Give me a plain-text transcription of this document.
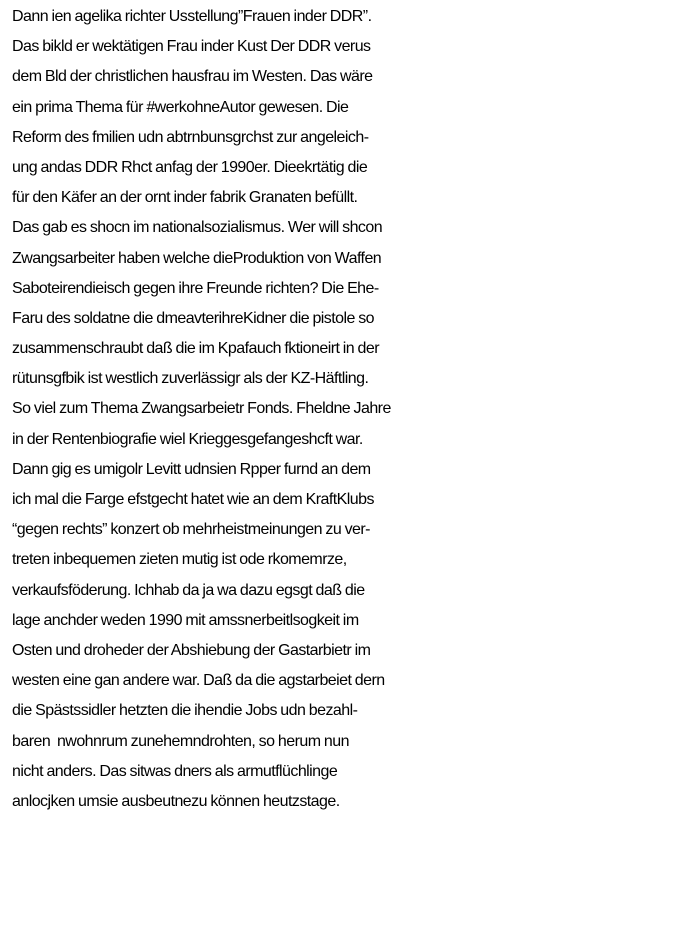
Dann ien agelika richter Usstellung”Frauen inder DDR”.
Das bikld er wektätigen Frau inder Kust Der DDR verus
dem Bld der christlichen hausfrau im Westen. Das wäre
ein prima Thema für #werkohneAutor gewesen. Die
Reform des fmilien udn abtrnbunsgrchst zur angeleich-
ung andas DDR Rhct anfag der 1990er. Dieekrtätig die
für den Käfer an der ornt inder fabrik Granaten befüllt.
Das gab es shocn im nationalsozialismus. Wer will shcon
Zwangsarbeiter haben welche dieProduktion von Waffen
Saboteirendieisch gegen ihre Freunde richten? Die Ehe-
Faru des soldatne die dmeavterihreKidner die pistole so
zusammenschraubt daß die im Kpafauch fktioneirt in der
rütunsgfbik ist westlich zuverlässigr als der KZ-Häftling.
So viel zum Thema Zwangsarbeietr Fonds. Fheldne Jahre
in der Rentenbiografie wiel Krieggesgefangeshcft war.
Dann gig es umigolr Levitt udnsien Rpper furnd an dem
ich mal die Farge efstgecht hatet wie an dem KraftKlubs
“gegen rechts” konzert ob mehrheistmeinungen zu ver-
treten inbequemen zieten mutig ist ode rkomemrze,
verkaufsföderung. Ichhab da ja wa dazu egsgt daß die
lage anchder weden 1990 mit amssnerbeitlsogkeit im
Osten und droheder der Abshiebung der Gastarbietr im
westen eine gan andere war. Daß da die agstarbeiet dern
die Spästssidler hetzten die ihendie Jobs udn bezahl-
baren  nwohnrum zunehemndrohten, so herum nun
nicht anders. Das sitwas dners als armutflüchlinge
anlocjken umsie ausbeutnezu können heutzstage.
